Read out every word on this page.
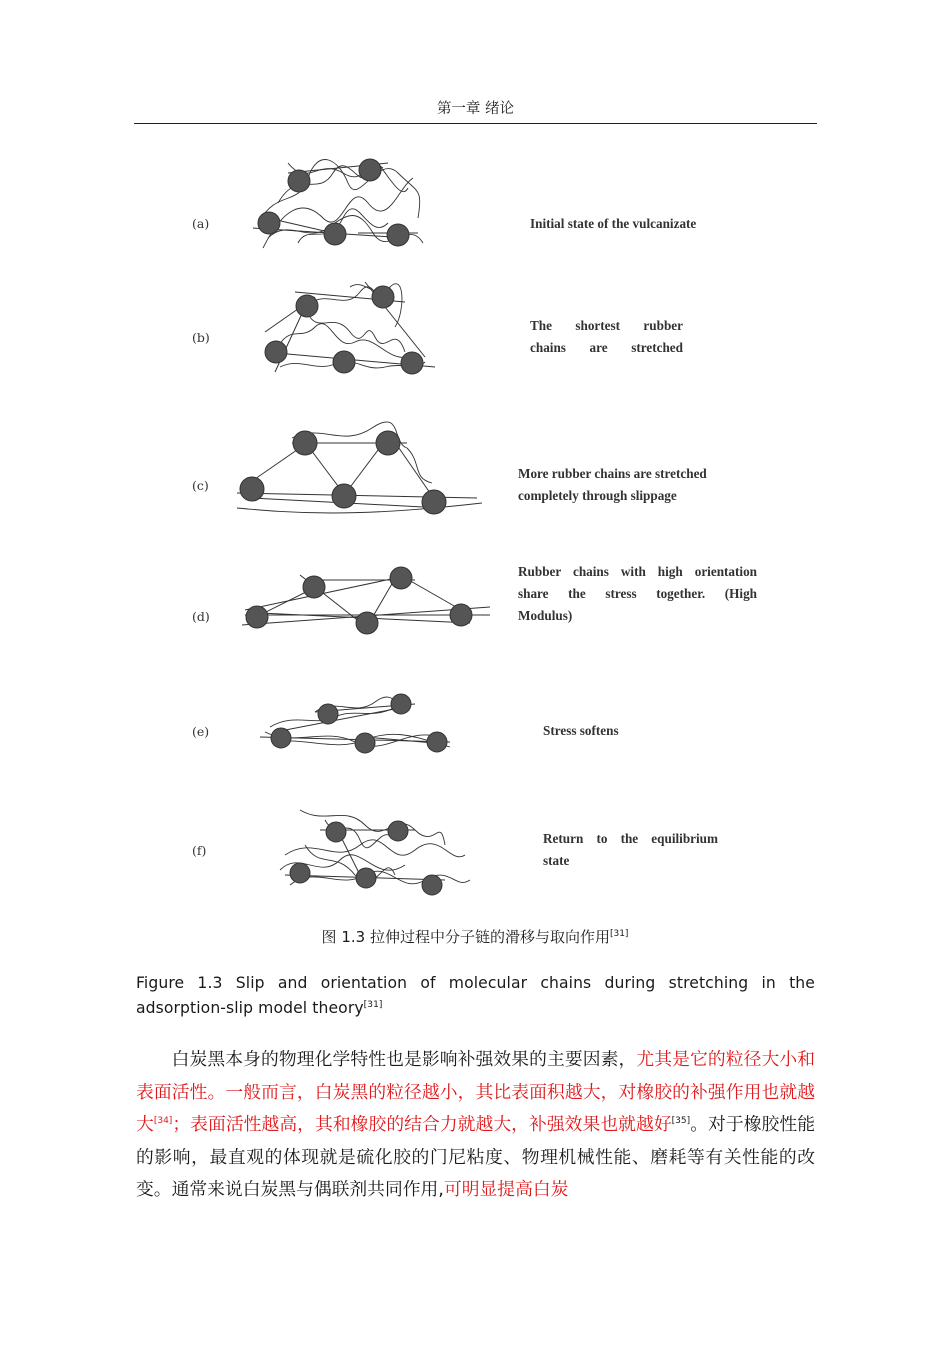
第一章 绪论
(a)	Initial state of the vulcanizate
(b)
The shortest rubber
chains are stretched
(c)
More rubber chains are stretched
completely through slippage
(d)
Rubber chains with high orientation
share the stress together. (High
Modulus)
(e)	Stress softens
(f)
Return to the equilibrium
state
图 1.3 拉伸过程中分子链的滑移与取向作用[31]
Figure 1.3 Slip and orientation of molecular chains during stretching in the adsorption-slip model theory[31]
白炭黑本身的物理化学特性也是影响补强效果的主要因素，尤其是它的粒径大小和表面活性。一般而言，白炭黑的粒径越小，其比表面积越大，对橡胶的补强作用也就越大[34]；表面活性越高，其和橡胶的结合力就越大，补强效果也就越好[35]。对于橡胶性能的影响，最直观的体现就是硫化胶的门尼粘度、物理机械性能、磨耗等有关性能的改变。通常来说白炭黑与偶联剂共同作用,可明显提高白炭
